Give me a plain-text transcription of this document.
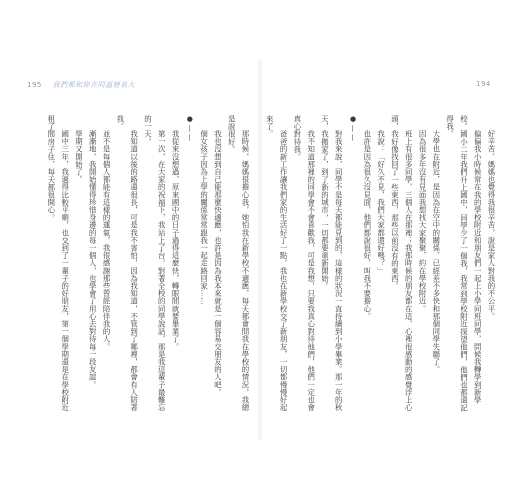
195 我們都和妳在同溫層長大	194

好辛苦。媽媽也覺得我很辛苦，說是家人對我的不公平。

偏偏我小時候常在我的學校附近和朋友們一起上小學同班同學，問候我轉學到新學校。國小二年我們升上國中，同學少了一個我，我常到學校附近探望他們，他們也都還記得我。

大學也在附近，是因為在空中的關係，已經差不多快和那個同學失聯了。

因為很多年沒有見面我想找大家聚聚，約在學校附近。

班上有很多同學，三個人在那裡；我那時候的朋友都在這，心裡很感動的感覺浮上心頭，我好像找回了一些東西，那些以前沒有的東西。

我說：「好久不見，我們大家都還好嗎？」

也許是因為很久沒見面，他們都說很好，叫我不要擔心。

●——

對我來說，同學不是每天都能見到的，這樣的狀況一直持續到小學畢業。那一年的秋天，我搬家了，到了新的城市，一切都要重新開始。

我不知道那裡的同學會不會喜歡我，可是我想，只要我真心對待他們，他們一定也會真心對待我。

爸爸的新工作讓我們家的生活好了一點，我也在新學校交了新朋友，一切都慢慢好起來了。

那時候，媽媽很擔心我，她怕我在新學校不適應，每天都會問我在學校的情況，我總是說很好。

我也沒想到自己能那麼快適應，也許是因為我本來就是一個容易交朋友的人吧。

個女孩子因為上學的關係常常跟我一起走路回家……

●——

我從來沒想過，原來國中的日子過得這麼快，轉眼間就要畢業了。

第一次，在大家的祝福下，我站上了台，對著全校的同學說話，那是我這輩子最難忘的一天。

我知道以後的路還很長，可是我不害怕，因為我知道，不管到了哪裡，都會有人陪著我。

並不是每個人都能有這樣的運氣，我很感謝那些曾經陪伴我的人。

漸漸地，我開始懂得珍惜身邊的每一個人，也學會了用心去對待每一段友誼。

學期又開始了。

國中三年，我過得比較平順，也交到了一輩子的好朋友，第一個學期還是在學校附近租了間房子住，每天都很開心。
